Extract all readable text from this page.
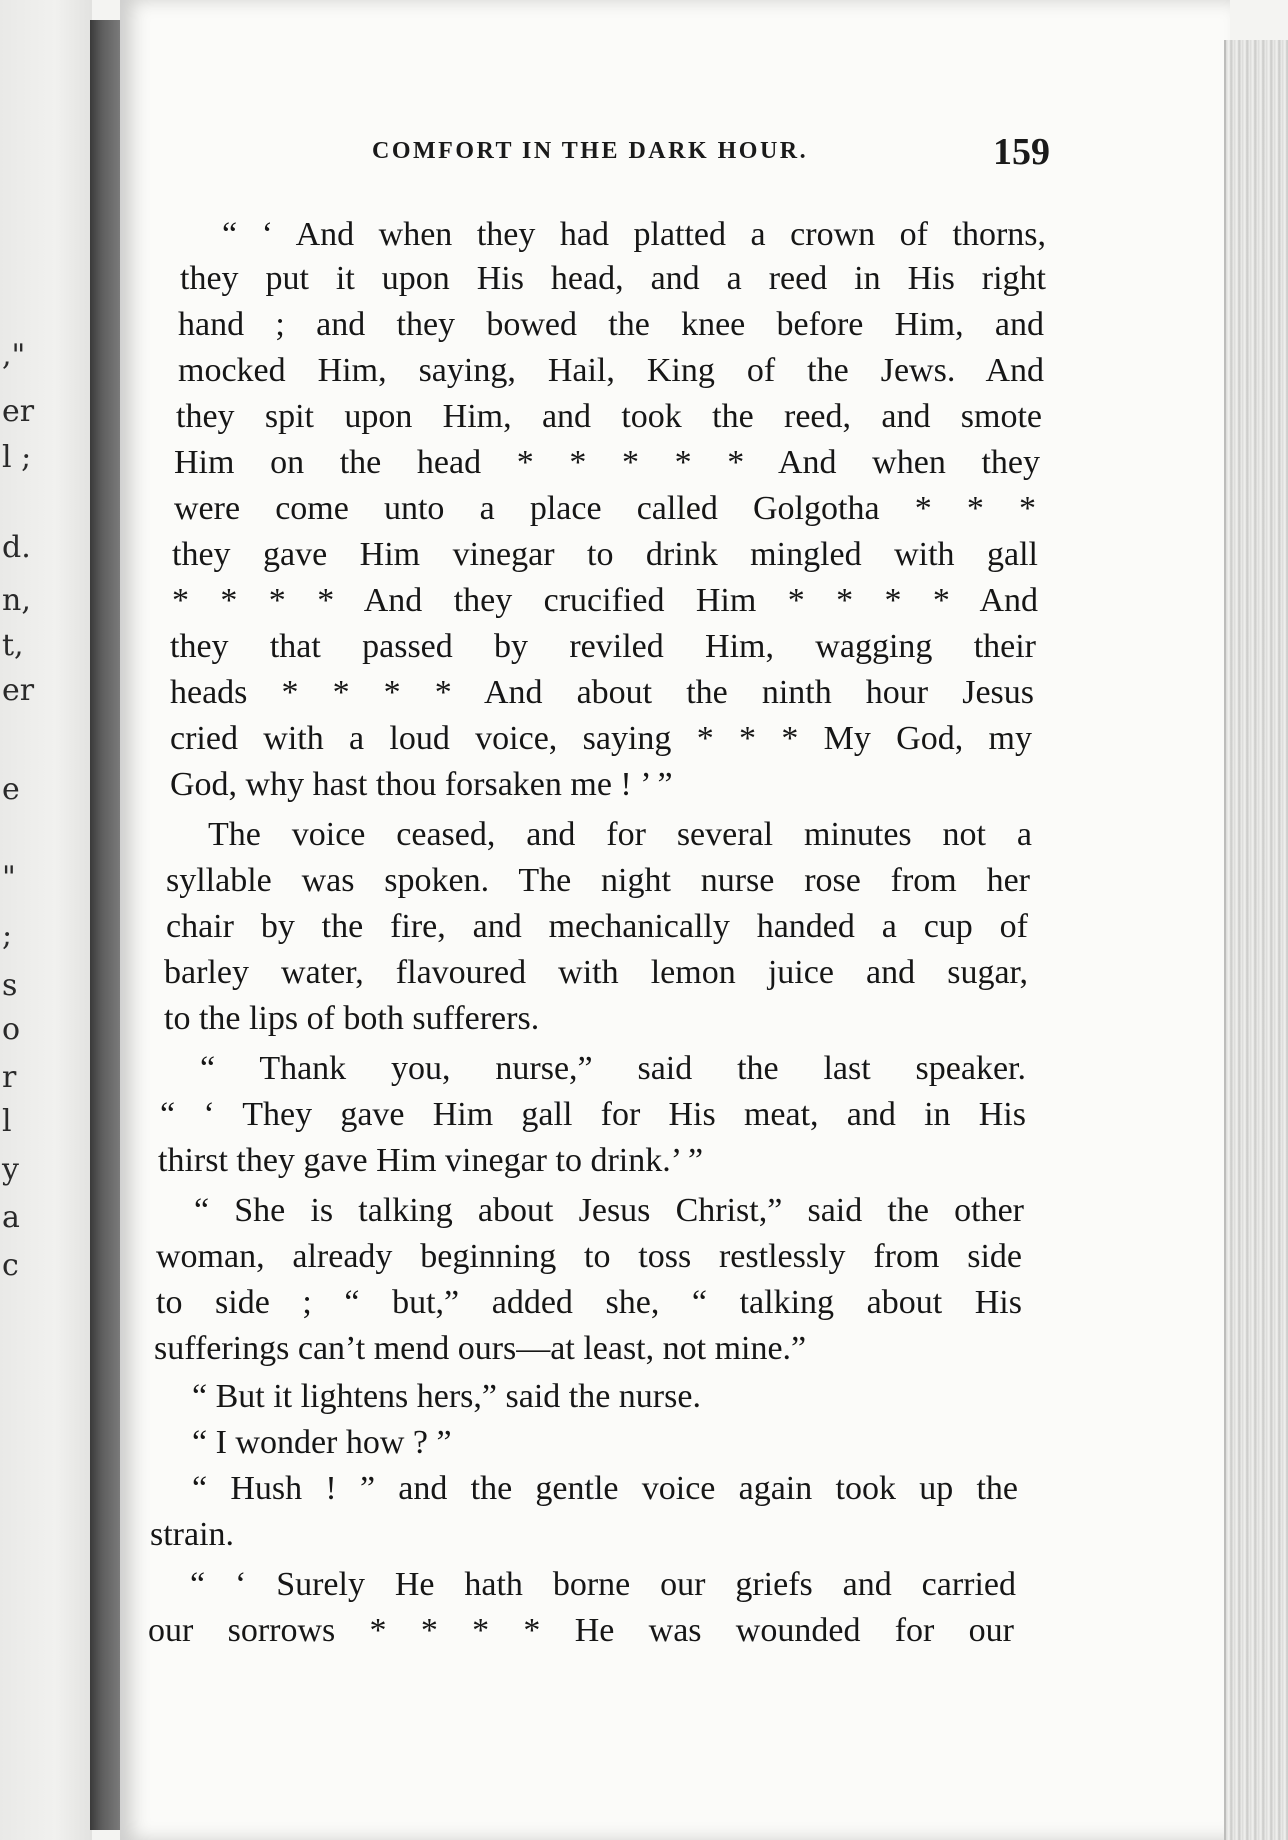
,"
er
l ;
d.
n,
t,
er
e
"
;
s
o
r
l
y
a
c
COMFORT IN THE DARK HOUR.	159
“ ‘ And when they had platted a crown of thorns,
they put it upon His head, and a reed in His right
hand ; and they bowed the knee before Him, and
mocked Him, saying, Hail, King of the Jews. And
they spit upon Him, and took the reed, and smote
Him on the head * * * * * And when they
were come unto a place called Golgotha * * *
they gave Him vinegar to drink mingled with gall
* * * * And they crucified Him * * * * And
they that passed by reviled Him, wagging their
heads * * * * And about the ninth hour Jesus
cried with a loud voice, saying * * * My God, my
God, why hast thou forsaken me ! ’ ”
The voice ceased, and for several minutes not a
syllable was spoken. The night nurse rose from her
chair by the fire, and mechanically handed a cup of
barley water, flavoured with lemon juice and sugar,
to the lips of both sufferers.
“ Thank you, nurse,” said the last speaker.
“ ‘ They gave Him gall for His meat, and in His
thirst they gave Him vinegar to drink.’ ”
“ She is talking about Jesus Christ,” said the other
woman, already beginning to toss restlessly from side
to side ; “ but,” added she, “ talking about His
sufferings can’t mend ours—at least, not mine.”
“ But it lightens hers,” said the nurse.
“ I wonder how ? ”
“ Hush ! ” and the gentle voice again took up the
strain.
“ ‘ Surely He hath borne our griefs and carried
our sorrows * * * * He was wounded for our
